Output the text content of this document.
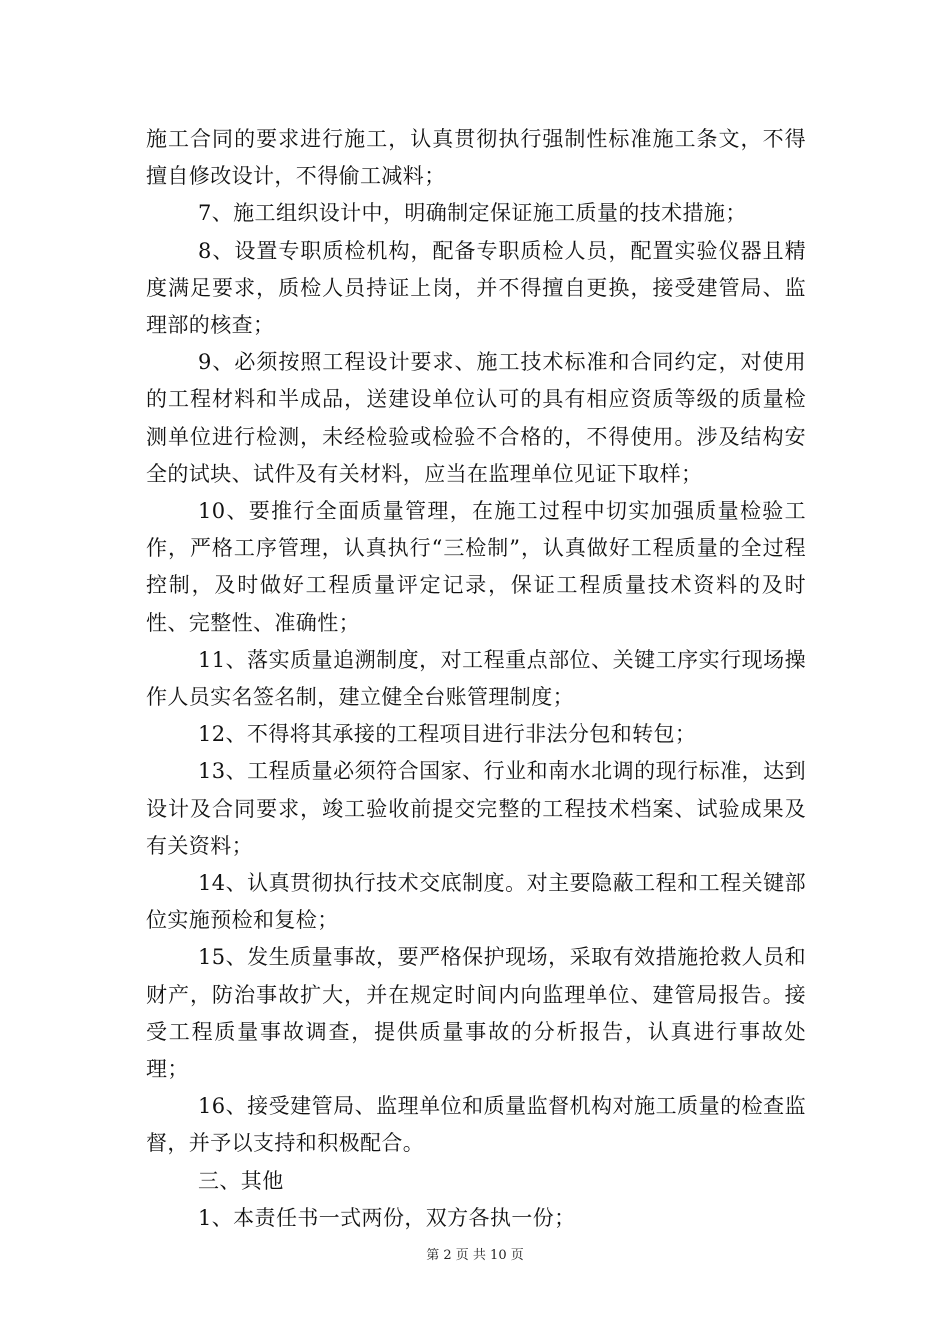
施工合同的要求进行施工，认真贯彻执行强制性标准施工条文，不得擅自修改设计，不得偷工减料；

7、施工组织设计中，明确制定保证施工质量的技术措施；

8、设置专职质检机构，配备专职质检人员，配置实验仪器且精度满足要求，质检人员持证上岗，并不得擅自更换，接受建管局、监理部的核查；

9、必须按照工程设计要求、施工技术标准和合同约定，对使用的工程材料和半成品，送建设单位认可的具有相应资质等级的质量检测单位进行检测，未经检验或检验不合格的，不得使用。涉及结构安全的试块、试件及有关材料，应当在监理单位见证下取样；

10、要推行全面质量管理，在施工过程中切实加强质量检验工作，严格工序管理，认真执行“三检制”，认真做好工程质量的全过程控制，及时做好工程质量评定记录，保证工程质量技术资料的及时性、完整性、准确性；

11、落实质量追溯制度，对工程重点部位、关键工序实行现场操作人员实名签名制，建立健全台账管理制度；

12、不得将其承接的工程项目进行非法分包和转包；

13、工程质量必须符合国家、行业和南水北调的现行标准，达到设计及合同要求，竣工验收前提交完整的工程技术档案、试验成果及有关资料；

14、认真贯彻执行技术交底制度。对主要隐蔽工程和工程关键部位实施预检和复检；

15、发生质量事故，要严格保护现场，采取有效措施抢救人员和财产，防治事故扩大，并在规定时间内向监理单位、建管局报告。接受工程质量事故调查，提供质量事故的分析报告，认真进行事故处理；

16、接受建管局、监理单位和质量监督机构对施工质量的检查监督，并予以支持和积极配合。

三、其他

1、本责任书一式两份，双方各执一份；

第 2 页 共 10 页
